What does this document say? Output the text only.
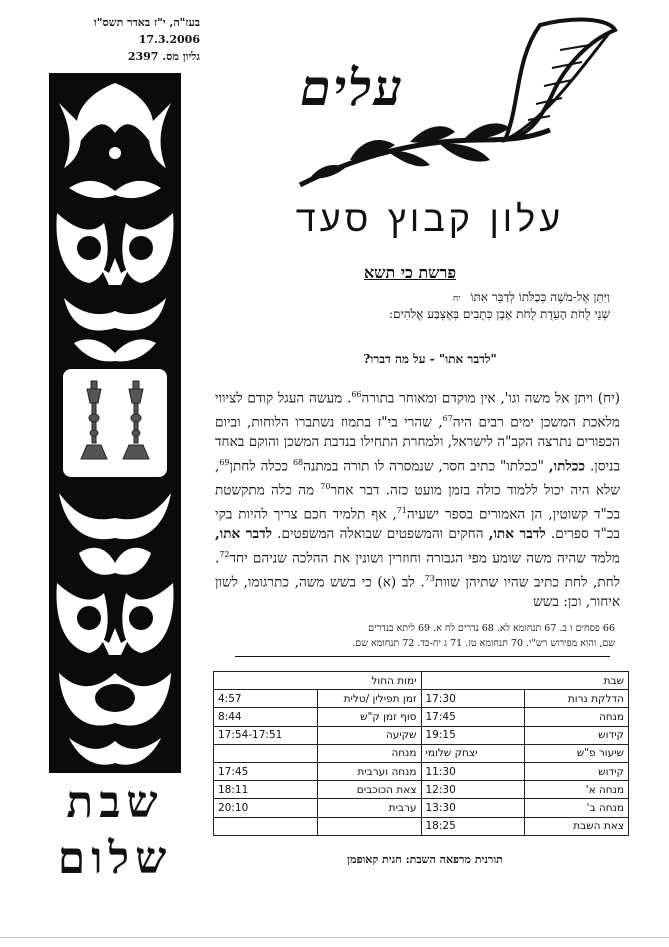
בעז"ה, י"ז באדר תשס"ו
17.3.2006
גליון מס. 2397
שבת
שלום
עלים
עלון קבוץ סעד
פרשת כי תשא
וַיִּתֵּן אֶל-מֹשֶׁה כְּכַלֹּתוֹ לְדַבֵּר אִתּוֹ יח
שְׁנֵי לֻחֹת הָעֵדֻת לֻחֹת אֶבֶן כְּתֻבִים בְּאֶצְבַּע אֱלֹהִים:
"לדבר אתו" - על מה דברו?
(יח) ויתן אל משה וגו', אין מוקדם ומאוחר בתורה$^{66}$. מעשה העגל קודם לציווי מלאכת המשכן ימים רבים היה$^{67}$, שהרי בי"ז בתמוז נשתברו הלוחות, וביום הכפורים נתרצה הקב"ה לישראל, ולמחרת התחילו בנדבת המשכן והוקם באחד בניסן. ככלתו, "ככלתו" כתיב חסר, שנמסרה לו תורה במתנה$^{68}$ ככלה לחתן$^{69}$, שלא היה יכול ללמוד כולה בזמן מועט כזה. דבר אחר$^{70}$ מה כלה מתקשטת בכ"ד קשוטין, הן האמורים בספר ישעיה$^{71}$, אף תלמיד חכם צריך להיות בקי בכ"ד ספרים. לדבר אתו, החקים והמשפטים שבואלה המשפטים. לדבר אתו, מלמד שהיה משה שומע מפי הגבורה וחוזרין ושונין את ההלכה שניהם יחד$^{72}$. לחת, לחת כתיב שהיו שתיהן שוות$^{73}$. לב (א) כי בשש משה, כתרגומו, לשון איחור, וכן: בשש
66 פסחים ו ב. 67 תנחומא לא. 68 נדרים לח א. 69 ליתא בנדרים
שם, והוא מפירוש רש"י. 70 תנחומא טז. 71 ג יח-כד. 72 תנחומא שם.
שבת		ימות החול	
הדלקת נרות	17:30	זמן תפילין /טלית	4:57
מנחה	17:45	סוף זמן ק"ש	8:44
קידוש	19:15	שקיעה	17:54-17:51
שיעור פ"ש	יצחק שלומי	מנחה	
קידוש	11:30	מנחה וערבית	17:45
מנחה א'	12:30	צאת הכוכבים	18:11
מנחה ב'	13:30	ערבית	20:10
צאת השבת	18:25		
תורנית מרפאה השבת: חגית קאופמן
